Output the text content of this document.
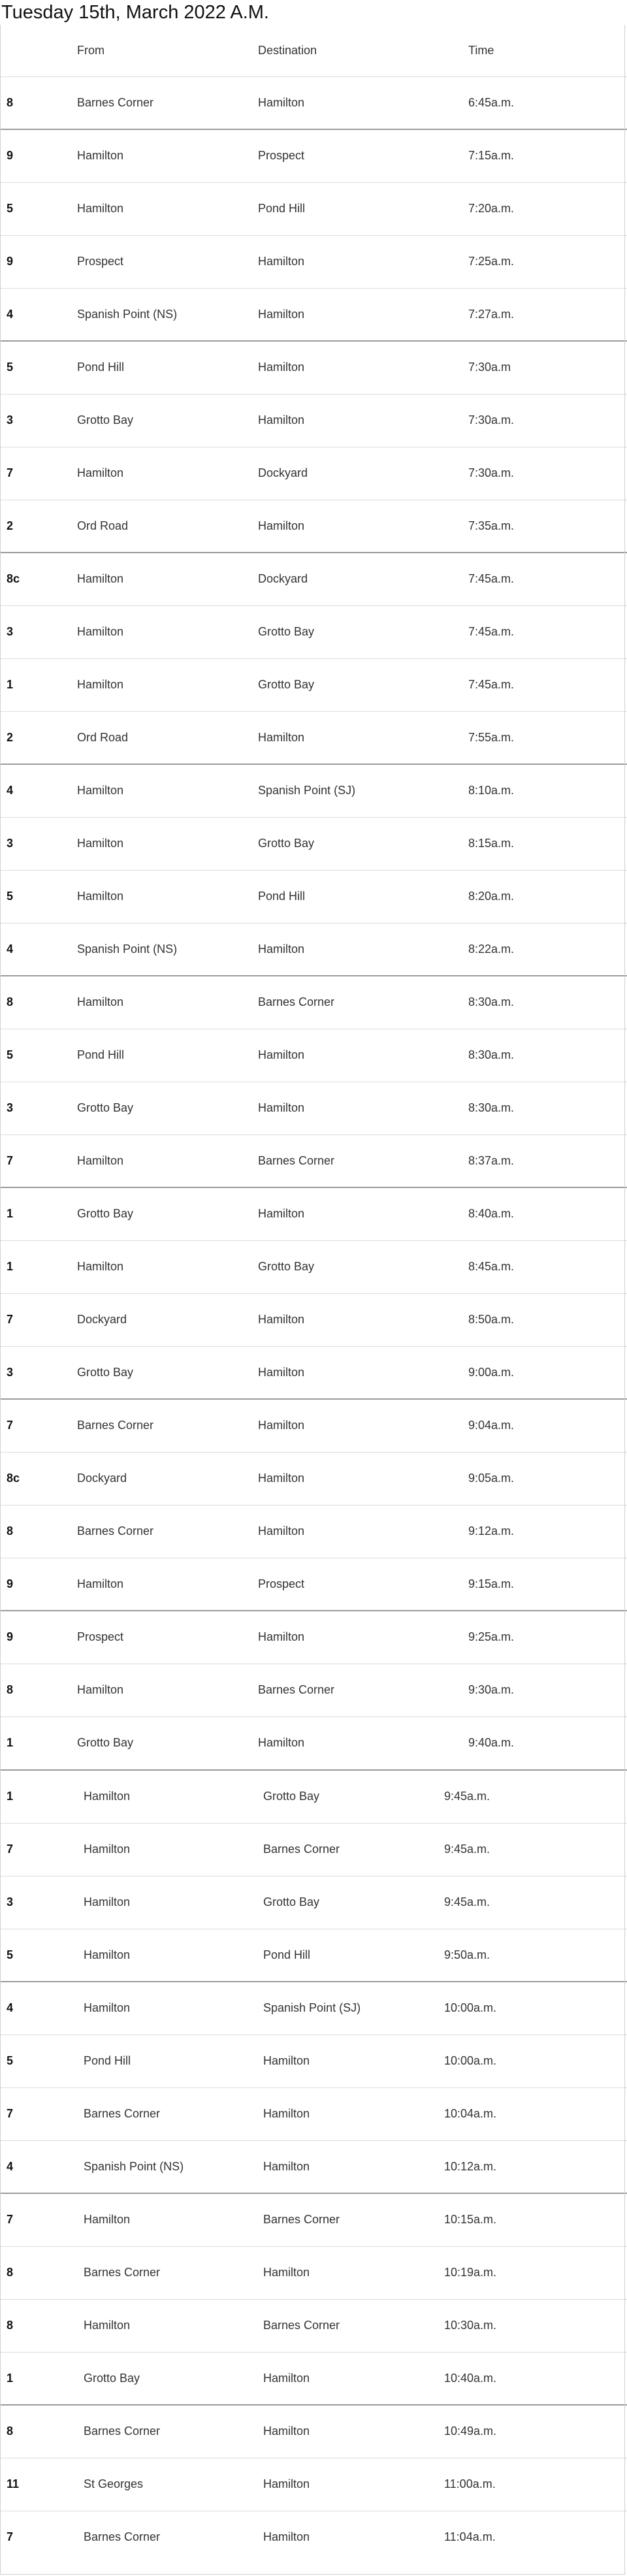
Tuesday 15th, March 2022 A.M.
	From	Destination	Time
8	Barnes Corner	Hamilton	6:45a.m.
9	Hamilton	Prospect	7:15a.m.
5	Hamilton	Pond Hill	7:20a.m.
9	Prospect	Hamilton	7:25a.m.
4	Spanish Point (NS)	Hamilton	7:27a.m.
5	Pond Hill	Hamilton	7:30a.m
3	Grotto Bay	Hamilton	7:30a.m.
7	Hamilton	Dockyard	7:30a.m.
2	Ord Road	Hamilton	7:35a.m.
8c	Hamilton	Dockyard	7:45a.m.
3	Hamilton	Grotto Bay	7:45a.m.
1	Hamilton	Grotto Bay	7:45a.m.
2	Ord Road	Hamilton	7:55a.m.
4	Hamilton	Spanish Point (SJ)	8:10a.m.
3	Hamilton	Grotto Bay	8:15a.m.
5	Hamilton	Pond Hill	8:20a.m.
4	Spanish Point (NS)	Hamilton	8:22a.m.
8	Hamilton	Barnes Corner	8:30a.m.
5	Pond Hill	Hamilton	8:30a.m.
3	Grotto Bay	Hamilton	8:30a.m.
7	Hamilton	Barnes Corner	8:37a.m.
1	Grotto Bay	Hamilton	8:40a.m.
1	Hamilton	Grotto Bay	8:45a.m.
7	Dockyard	Hamilton	8:50a.m.
3	Grotto Bay	Hamilton	9:00a.m.
7	Barnes Corner	Hamilton	9:04a.m.
8c	Dockyard	Hamilton	9:05a.m.
8	Barnes Corner	Hamilton	9:12a.m.
9	Hamilton	Prospect	9:15a.m.
9	Prospect	Hamilton	9:25a.m.
8	Hamilton	Barnes Corner	9:30a.m.
1	Grotto Bay	Hamilton	9:40a.m.
1	Hamilton	Grotto Bay	9:45a.m.
7	Hamilton	Barnes Corner	9:45a.m.
3	Hamilton	Grotto Bay	9:45a.m.
5	Hamilton	Pond Hill	9:50a.m.
4	Hamilton	Spanish Point (SJ)	10:00a.m.
5	Pond Hill	Hamilton	10:00a.m.
7	Barnes Corner	Hamilton	10:04a.m.
4	Spanish Point (NS)	Hamilton	10:12a.m.
7	Hamilton	Barnes Corner	10:15a.m.
8	Barnes Corner	Hamilton	10:19a.m.
8	Hamilton	Barnes Corner	10:30a.m.
1	Grotto Bay	Hamilton	10:40a.m.
8	Barnes Corner	Hamilton	10:49a.m.
11	St Georges	Hamilton	11:00a.m.
7	Barnes Corner	Hamilton	11:04a.m.
